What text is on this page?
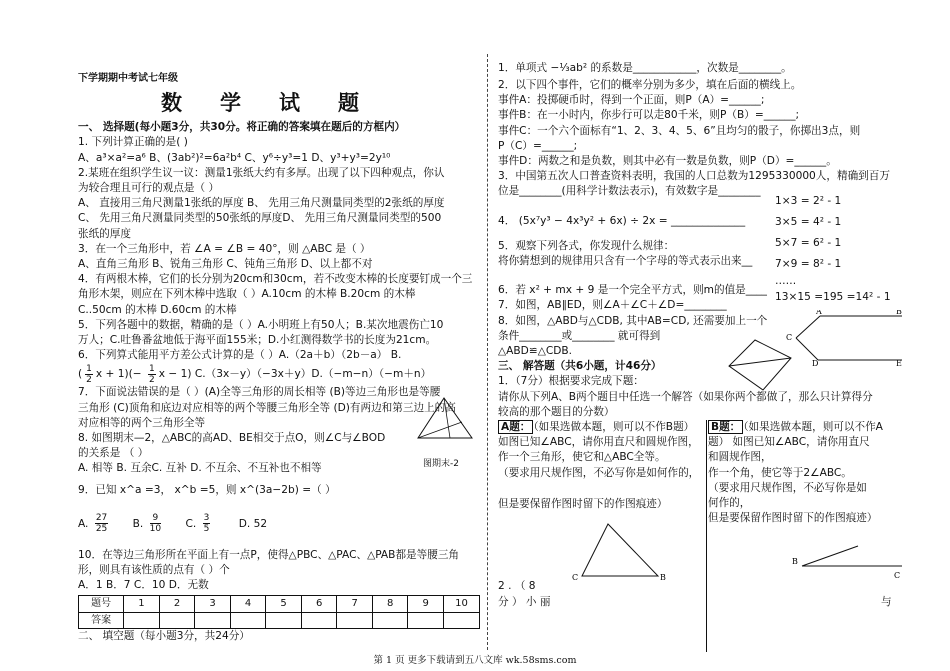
下学期期中考试七年级
数学试题
一、 选择题(每小题3分，共30分。将正确的答案填在题后的方框内）
1. 下列计算正确的是( )
A、a³×a²=a⁶ B、(3ab²)²=6a²b⁴ C、y⁶÷y³=1 D、y³+y³=2y¹⁰
2.某班在组织学生议一议：测量1张纸大约有多厚。出现了以下四种观点，你认
为较合理且可行的观点是（ ）
A、 直接用三角尺测量1张纸的厚度 B、 先用三角尺测量同类型的2张纸的厚度
C、 先用三角尺测量同类型的50张纸的厚度D、 先用三角尺测量同类型的500
张纸的厚度
3．在一个三角形中，若 ∠A = ∠B = 40°，则 △ABC 是（ ）
A、直角三角形 B、锐角三角形 C、钝角三角形 D、以上都不对
4．有两根木棒，它们的长分别为20cm和30cm，若不改变木棒的长度要钉成一个三
角形木架，则应在下列木棒中选取（ ）A.10cm 的木棒 B.20cm 的木棒
C..50cm 的木棒 D.60cm 的木棒
5．下列各题中的数据，精确的是（ ）A.小明班上有50人；B.某次地震伤亡10
万人；C.吐鲁番盆地低于海平面155米；D.小红测得数学书的长度为21cm。
6．下列算式能用平方差公式计算的是（ ）A.（2a＋b）（2b－a） B.
( $\frac{1}{2}$ $x + 1)(- \frac{1}{2}$ x − 1) C.（3x－y）（−3x＋y）D.（−m−n）（−m＋n）
7．下面说法错误的是（ ）(A)全等三角形的周长相等 (B)等边三角形也是等腰
三角形 (C)顶角和底边对应相等的两个等腰三角形全等 (D)有两边和第三边上的高
对应相等的两个三角形全等
8. 如图期末—2，△ABC的高AD、BE相交于点O，则∠C与∠BOD
的关系是 （ ）
A. 相等 B. 互余C. 互补 D. 不互余、不互补也不相等
9．已知 x^a =3， x^b =5，则 x^(3a−2b) =（ ）
A. $\frac{27}{25} B$. $\frac{9}{10} C$. $\frac{3}{5}$	D. 52
10．在等边三角形所在平面上有一点P，使得△PBC、△PAC、△PAB都是等腰三角
形，则具有该性质的点有（ ）个
A．1 B．7 C．10 D．无数
题号	1	2	3	4	5	6	7	8	9	10
答案										
二、 填空题（每小题3分，共24分）
图期末-2
1．单项式 −⅓ab² 的系数是____________，次数是________。
2．以下四个事件，它们的概率分别为多少，填在后面的横线上。
事件A：投掷硬币时，得到一个正面，则P（A）=______;
事件B：在一小时内，你步行可以走80千米，则P（B）=______;
事件C：一个六个面标有“1、2、3、4、5、6”且均匀的骰子，你掷出3点，则
P（C）=______;
事件D：两数之和是负数，则其中必有一数是负数，则P（D）=______。
3．中国第五次人口普查资料表明，我国的人口总数为1295330000人，精确到百万
位是________(用科学计数法表示)，有效数字是________
4． (5x⁷y³ − 4x³y² + 6x) ÷ 2x = ______________
5．观察下列各式，你发现什么规律：
将你猜想到的规律用只含有一个字母的等式表示出来__
6．若 x² + mx + 9 是一个完全平方式，则m的值是____
7．如图，AB∥ED，则∠A＋∠C＋∠D=________
8．如图，△ABD与△CDB, 其中AB=CD, 还需要加上一个
条件________或________ 就可得到
△ABD≌△CDB.
三、 解答题（共6小题，计46分）
1．（7分）根据要求完成下题：
请你从下列A、B两个题目中任选一个解答（如果你两个都做了，那么只计算得分
较高的那个题目的分数）
A题： （如果选做本题，则可以不作B题）
如图已知∠ABC，请你用直尺和圆规作图，
作一个三角形，使它和△ABC全等。
（要求用尺规作图，不必写你是如何作的，
但是要保留作图时留下的作图痕迹）
B题： （如果选做本题，则可以不作A
题） 如图已知∠ABC，请你用直尺
和圆规作图，
作一个角，使它等于2∠ABC。
（要求用尺规作图，不必写你是如
何作的，
但是要保留作图时留下的作图痕迹）
1×3 = 2² - 1
3×5 = 4² - 1
5×7 = 6² - 1
7×9 = 8² - 1
……
13×15 =195 =14² - 1
A	B
C
D	E
C	B
B
C
2 . （ 8
分 ） 小 丽	与
第 1 页 更多下载请到五八文库 wk.58sms.com
